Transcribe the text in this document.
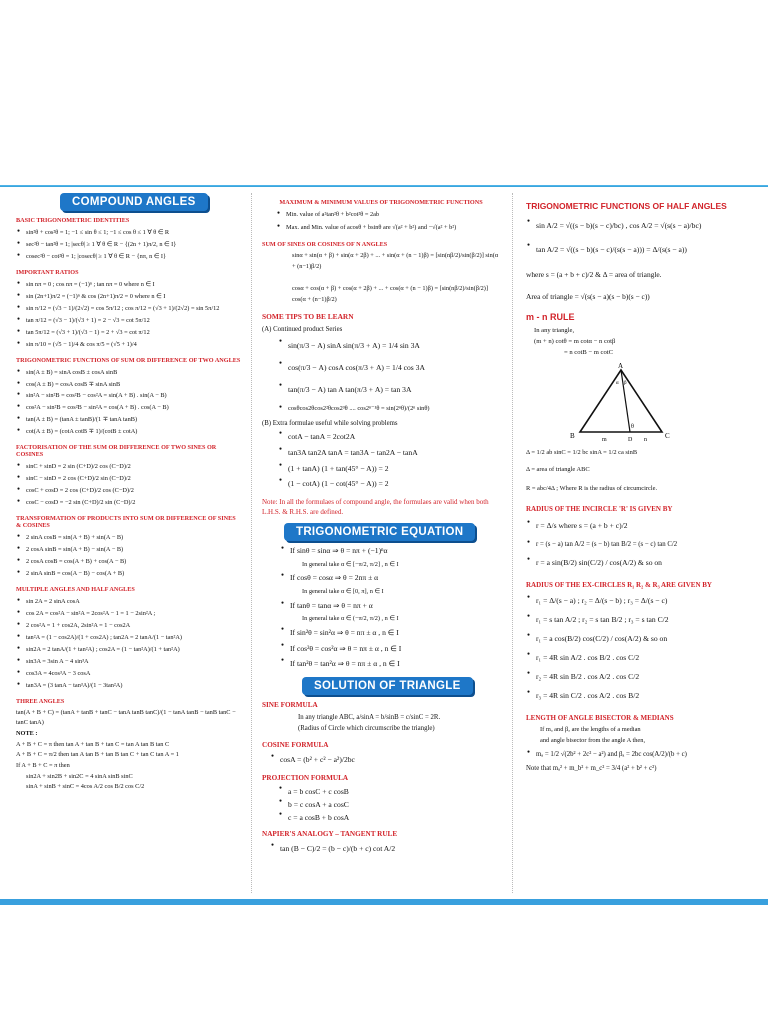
COMPOUND ANGLES
BASIC TRIGONOMETRIC IDENTITIES
● sin²θ + cos²θ = 1; −1 ≤ sin θ ≤ 1; −1 ≤ cos θ ≤ 1 ∀ θ ∈ R
● sec²θ − tan²θ = 1; |secθ| ≥ 1 ∀ θ ∈ R − {(2n + 1)π/2, n ∈ I}
● cosec²θ − cot²θ = 1; |cosecθ| ≥ 1 ∀ θ ∈ R − {nπ, n ∈ I}
IMPORTANT RATIOS
● sin nπ = 0 ; cos nπ = (−1)ⁿ ; tan nπ = 0 where n ∈ I
● sin (2n+1)π/2 = (−1)ⁿ & cos (2n+1)π/2 = 0 where n ∈ I
● sin π/12 = (√3 − 1)/(2√2) = cos 5π/12 ; cos π/12 = (√3 + 1)/(2√2) = sin 5π/12
● tan π/12 = (√3 − 1)/(√3 + 1) = 2 − √3 = cot 5π/12
● tan 5π/12 = (√3 + 1)/(√3 − 1) = 2 + √3 = cot π/12
● sin π/10 = (√5 − 1)/4 & cos π/5 = (√5 + 1)/4
TRIGONOMETRIC FUNCTIONS OF SUM OR DIFFERENCE OF TWO ANGLES
● sin(A ± B) = sinA cosB ± cosA sinB
● cos(A ± B) = cosA cosB ∓ sinA sinB
● sin²A − sin²B = cos²B − cos²A = sin(A + B) . sin(A − B)
● cos²A − sin²B = cos²B − sin²A = cos(A + B) . cos(A − B)
● tan(A ± B) = (tanA ± tanB)/(1 ∓ tanA tanB)
● cot(A ± B) = (cotA cotB ∓ 1)/(cotB ± cotA)
FACTORISATION OF THE SUM OR DIFFERENCE OF TWO SINES OR COSINES
● sinC + sinD = 2 sin (C+D)/2 cos (C−D)/2
● sinC − sinD = 2 cos (C+D)/2 sin (C−D)/2
● cosC + cosD = 2 cos (C+D)/2 cos (C−D)/2
● cosC − cosD = −2 sin (C+D)/2 sin (C−D)/2
TRANSFORMATION OF PRODUCTS INTO SUM OR DIFFERENCE OF SINES & COSINES
● 2 sinA cosB = sin(A + B) + sin(A − B)
● 2 cosA sinB = sin(A + B) − sin(A − B)
● 2 cosA cosB = cos(A + B) + cos(A − B)
● 2 sinA sinB = cos(A − B) − cos(A + B)
MULTIPLE ANGLES AND HALF ANGLES
● sin 2A = 2 sinA cosA
● cos 2A = cos²A − sin²A = 2cos²A − 1 = 1 − 2sin²A ;
● 2 cos²A = 1 + cos2A, 2sin²A = 1 − cos2A
● tan²A = (1 − cos2A)/(1 + cos2A) ; tan2A = 2 tanA/(1 − tan²A)
● sin2A = 2 tanA/(1 + tan²A) ; cos2A = (1 − tan²A)/(1 + tan²A)
● sin3A = 3sin A − 4 sin³A
● cos3A = 4cos³A − 3 cosA
● tan3A = (3 tanA − tan³A)/(1 − 3tan²A)
THREE ANGLES
tan(A + B + C) = (tanA + tanB + tanC − tanA tanB tanC)/(1 − tanA tanB − tanB tanC − tanC tanA)
NOTE :
A + B + C = π then tan A + tan B + tan C = tan A tan B tan C
A + B + C = π/2 then tan A tan B + tan B tan C + tan C tan A = 1
If A + B + C = π then
sin2A + sin2B + sin2C = 4 sinA sinB sinC
sinA + sinB + sinC = 4cos A/2 cos B/2 cos C/2
MAXIMUM & MINIMUM VALUES OF TRIGONOMETRIC FUNCTIONS
● Min. value of a²tan²θ + b²cot²θ = 2ab
● Max. and Min. value of acosθ + bsinθ are √(a² + b²) and −√(a² + b²)
SUM OF SINES OR COSINES OF N ANGLES
sinα + sin(α + β) + sin(α + 2β) + ... + sin(α + (n − 1)β) = [sin(nβ/2)/sin(β/2)] sin(α + (n−1)β/2)
cosα + cos(α + β) + cos(α + 2β) + ... + cos(α + (n − 1)β) = [sin(nβ/2)/sin(β/2)] cos(α + (n−1)β/2)
SOME TIPS TO BE LEARN
(A) Continued product Series
● sin(π/3 − A) sinA sin(π/3 + A) = 1/4 sin 3A
● cos(π/3 − A) cosA cos(π/3 + A) = 1/4 cos 3A
● tan(π/3 − A) tan A tan(π/3 + A) = tan 3A
● cosθcos2θcos2²θcos2³θ .... cos2ⁿ⁻¹θ = sin(2ⁿθ)/(2ⁿ sinθ)
(B) Extra formulae useful while solving problems
● cotA − tanA = 2cot2A
● tan3A tan2A tanA = tan3A − tan2A − tanA
● (1 + tanA) (1 + tan(45° − A)) = 2
● (1 − cotA) (1 − cot(45° − A)) = 2
Note: In all the formulaes of compound angle, the formulaes are valid when both L.H.S. & R.H.S. are defined.
TRIGONOMETRIC EQUATION
● If sinθ = sinα ⇒ θ = nπ + (−1)ⁿα
In general take α ∈ [−π/2, π/2] , n ∈ I
● If cosθ = cosα ⇒ θ = 2nπ ± α
In general take α ∈ [0, π], n ∈ I
● If tanθ = tanα ⇒ θ = nπ + α
In general take α ∈ (−π/2, π/2) , n ∈ I
● If sin²θ = sin²α ⇒ θ = nπ ± α , n ∈ I
● If cos²θ = cos²α ⇒ θ = nπ ± α , n ∈ I
● If tan²θ = tan²α ⇒ θ = nπ ± α , n ∈ I
SOLUTION OF TRIANGLE
SINE FORMULA
In any triangle ABC, a/sinA = b/sinB = c/sinC = 2R.
(Radius of Circle which circumscribe the triangle)
COSINE FORMULA
● cosA = (b² + c² − a²)/2bc
PROJECTION FORMULA
● a = b cosC + c cosB
● b = c cosA + a cosC
● c = a cosB + b cosA
NAPIER'S ANALOGY – TANGENT RULE
● tan (B − C)/2 = (b − c)/(b + c) cot A/2
TRIGONOMETRIC FUNCTIONS OF HALF ANGLES
● sin A/2 = √((s − b)(s − c)/bc) , cos A/2 = √(s(s − a)/bc)
● tan A/2 = √((s − b)(s − c)/(s(s − a))) = Δ/(s(s − a))
where s = (a + b + c)/2 & Δ = area of triangle.
Area of triangle = √(s(s − a)(s − b)(s − c))
m - n RULE
In any triangle,
(m + n) cotθ = m cotα − n cotβ
= n cotB − m cotC
A
B	C
D
m	n
θ
α β
Δ = 1/2 ab sinC = 1/2 bc sinA = 1/2 ca sinB
Δ = area of triangle ABC
R = abc/4Δ ; Where R is the radius of circumcircle.
RADIUS OF THE INCIRCLE 'R' IS GIVEN BY
● r = Δ/s where s = (a + b + c)/2
● r = (s − a) tan A/2 = (s − b) tan B/2 = (s − c) tan C/2
● r = a sin(B/2) sin(C/2) / cos(A/2) & so on
RADIUS OF THE EX-CIRCLES R₁ R₂ & R₃ ARE GIVEN BY
● r₁ = Δ/(s − a) ; r₂ = Δ/(s − b) ; r₃ = Δ/(s − c)
● r₁ = s tan A/2 ; r₂ = s tan B/2 ; r₃ = s tan C/2
● r₁ = a cos(B/2) cos(C/2) / cos(A/2) & so on
● r₁ = 4R sin A/2 . cos B/2 . cos C/2
● r₂ = 4R sin B/2 . cos A/2 . cos C/2
● r₃ = 4R sin C/2 . cos A/2 . cos B/2
LENGTH OF ANGLE BISECTOR & MEDIANS
If mₐ and βₐ are the lengths of a median
and angle bisector from the angle A then,
● mₐ = 1/2 √(2b² + 2c² − a²) and βₐ = 2bc cos(A/2)/(b + c)
Note that mₐ² + m_b² + m_c² = 3/4 (a² + b² + c²)
